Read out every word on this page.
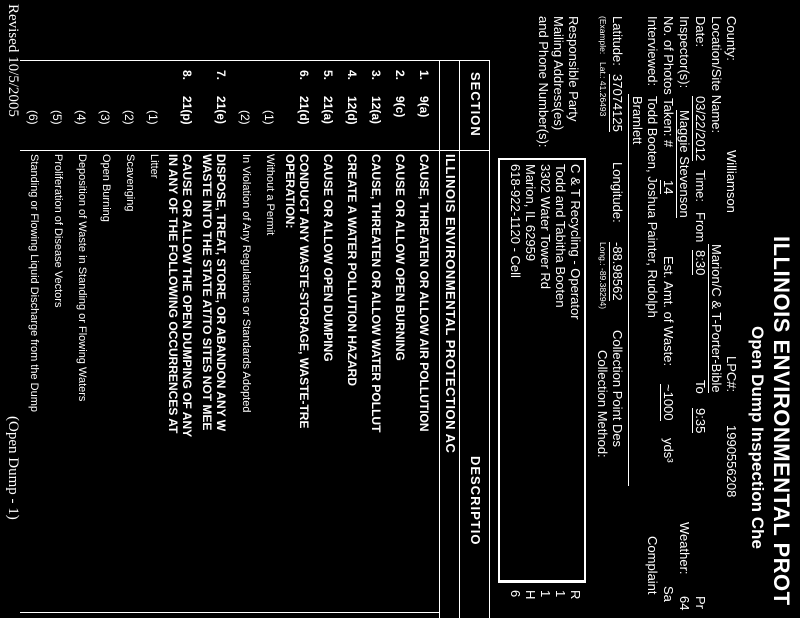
ILLINOIS ENVIRONMENTAL PROT
Open Dump Inspection Che
County:
Williamson
LPC#:
1990556208
Location/Site Name:
Marion/C & T-Porter-Bible
Date:
03/22/2012
Time:
From
8:30
To
9:35
Pr
Inspector(s):
Maggie Stevenson
Weather:
64
No. of Photos Taken: #
14
Est. Amt. of Waste:
~1000
yds³
Sa
Interviewed:
Todd Booten, Joshua Painter, Rudolph
Bramlett
Complaint
Latitude:
37074125
Longitude:
-88.98562
Collection Point Des
(Example:
Lat.: 41.26493
Long.: -89.38294)
Collection Method:
Responsible Party
Mailing Address(es)
and Phone Number(s):
C & T Recycling - Operator
Todd and Tabitha Booten
3302 Water Tower Rd
Marion, IL 62959
618-922-1120 - Cell
R
1
1
H
6
SECTION
DESCRIPTIO
ILLINOIS ENVIRONMENTAL PROTECTION AC
1.
9(a)
CAUSE, THREATEN OR ALLOW AIR POLLUTION
2.
9(c)
CAUSE OR ALLOW OPEN BURNING
3.
12(a)
CAUSE, THREATEN OR ALLOW WATER POLLUT
4.
12(d)
CREATE A WATER POLLUTION HAZARD
5.
21(a)
CAUSE OR ALLOW OPEN DUMPING
6.
21(d)
CONDUCT ANY WASTE-STORAGE, WASTE-TRE
OPERATION:
(1)
Without a Permit
(2)
In Violation of Any Regulations or Standards Adopted
7.
21(e)
DISPOSE, TREAT, STORE, OR ABANDON ANY W
WASTE INTO THE STATE AT/TO SITES NOT MEE
8.
21(p)
CAUSE OR ALLOW THE OPEN DUMPING OF ANY
IN ANY OF THE FOLLOWING OCCURRENCES AT
(1)
Litter
(2)
Scavenging
(3)
Open Burning
(4)
Deposition of Waste in Standing or Flowing Waters
(5)
Proliferation of Disease Vectors
(6)
Standing or Flowing Liquid Discharge from the Dump
Revised 10/5/2005
(Open Dump - 1)
